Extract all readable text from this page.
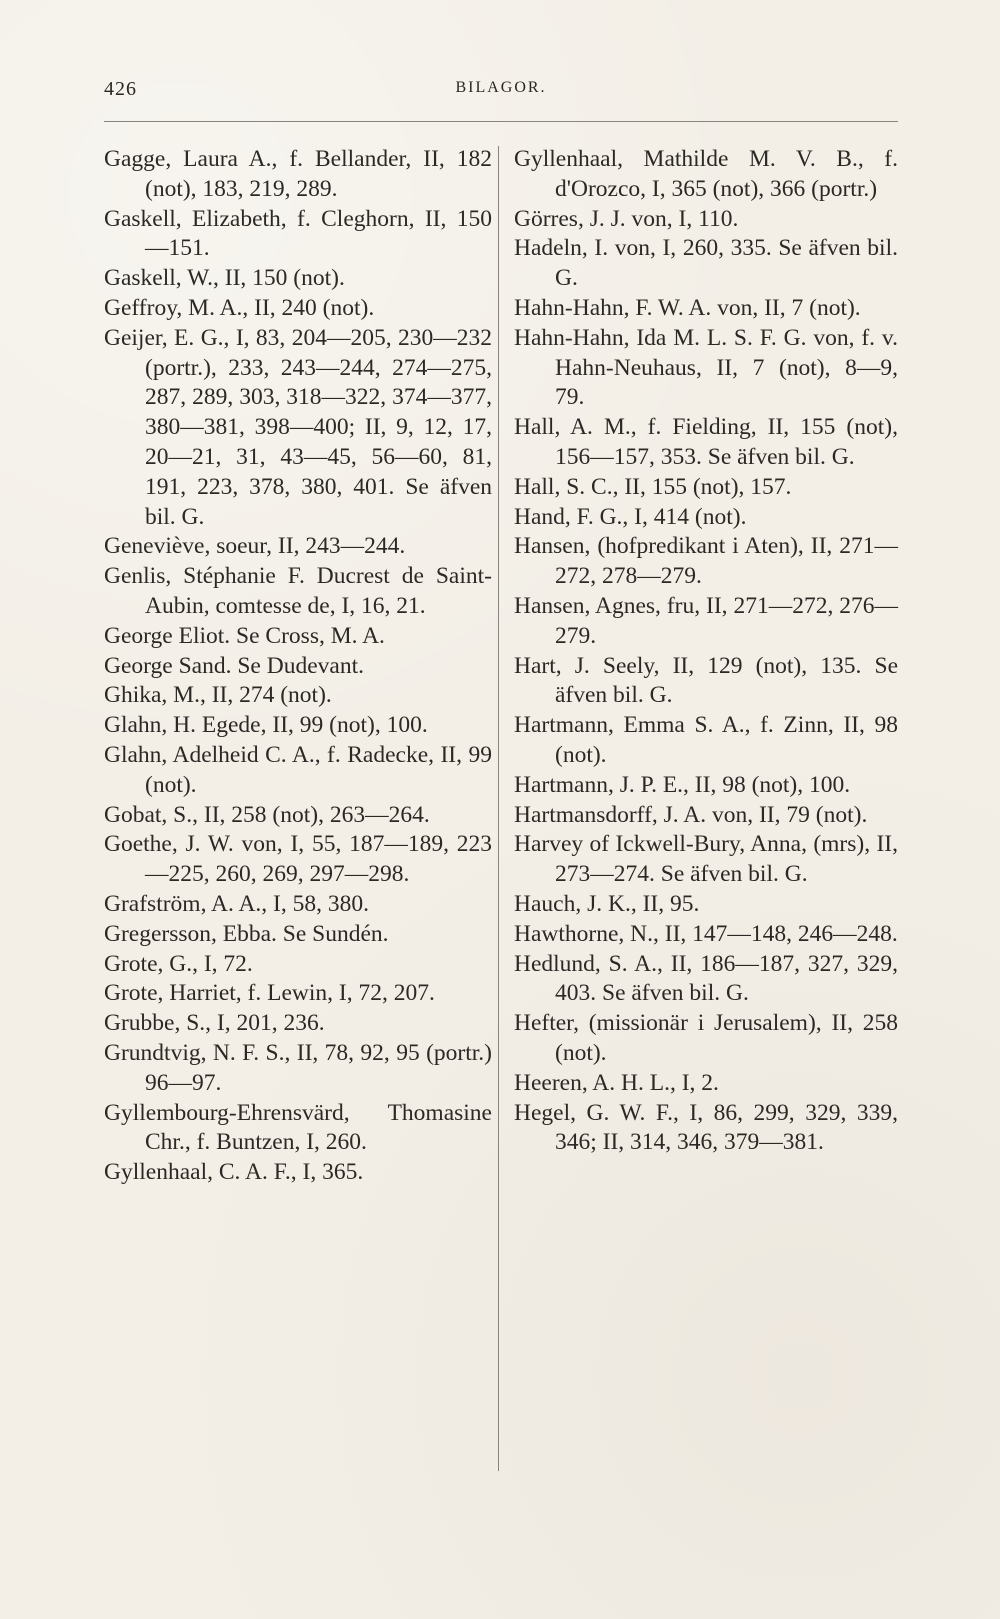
426	BILAGOR.

Gagge, Laura A., f. Bellander, II, 182 (not), 183, 219, 289.

Gaskell, Elizabeth, f. Cleghorn, II, 150—151.

Gaskell, W., II, 150 (not).

Geffroy, M. A., II, 240 (not).

Geijer, E. G., I, 83, 204—205, 230—232 (portr.), 233, 243—244, 274—275, 287, 289, 303, 318—322, 374—377, 380—381, 398—400; II, 9, 12, 17, 20—21, 31, 43—45, 56—60, 81, 191, 223, 378, 380, 401. Se äfven bil. G.

Geneviève, soeur, II, 243—244.

Genlis, Stéphanie F. Ducrest de Saint-Aubin, comtesse de, I, 16, 21.

George Eliot. Se Cross, M. A.

George Sand. Se Dudevant.

Ghika, M., II, 274 (not).

Glahn, H. Egede, II, 99 (not), 100.

Glahn, Adelheid C. A., f. Radecke, II, 99 (not).

Gobat, S., II, 258 (not), 263—264.

Goethe, J. W. von, I, 55, 187—189, 223—225, 260, 269, 297—298.

Grafström, A. A., I, 58, 380.

Gregersson, Ebba. Se Sundén.

Grote, G., I, 72.

Grote, Harriet, f. Lewin, I, 72, 207.

Grubbe, S., I, 201, 236.

Grundtvig, N. F. S., II, 78, 92, 95 (portr.) 96—97.

Gyllembourg-Ehrensvärd, Thomasine Chr., f. Buntzen, I, 260.

Gyllenhaal, C. A. F., I, 365.

Gyllenhaal, Mathilde M. V. B., f. d'Orozco, I, 365 (not), 366 (portr.)

Görres, J. J. von, I, 110.

Hadeln, I. von, I, 260, 335. Se äfven bil. G.

Hahn-Hahn, F. W. A. von, II, 7 (not).

Hahn-Hahn, Ida M. L. S. F. G. von, f. v. Hahn-Neuhaus, II, 7 (not), 8—9, 79.

Hall, A. M., f. Fielding, II, 155 (not), 156—157, 353. Se äfven bil. G.

Hall, S. C., II, 155 (not), 157.

Hand, F. G., I, 414 (not).

Hansen, (hofpredikant i Aten), II, 271—272, 278—279.

Hansen, Agnes, fru, II, 271—272, 276—279.

Hart, J. Seely, II, 129 (not), 135. Se äfven bil. G.

Hartmann, Emma S. A., f. Zinn, II, 98 (not).

Hartmann, J. P. E., II, 98 (not), 100.

Hartmansdorff, J. A. von, II, 79 (not).

Harvey of Ickwell-Bury, Anna, (mrs), II, 273—274. Se äfven bil. G.

Hauch, J. K., II, 95.

Hawthorne, N., II, 147—148, 246—248.

Hedlund, S. A., II, 186—187, 327, 329, 403. Se äfven bil. G.

Hefter, (missionär i Jerusalem), II, 258 (not).

Heeren, A. H. L., I, 2.

Hegel, G. W. F., I, 86, 299, 329, 339, 346; II, 314, 346, 379—381.
